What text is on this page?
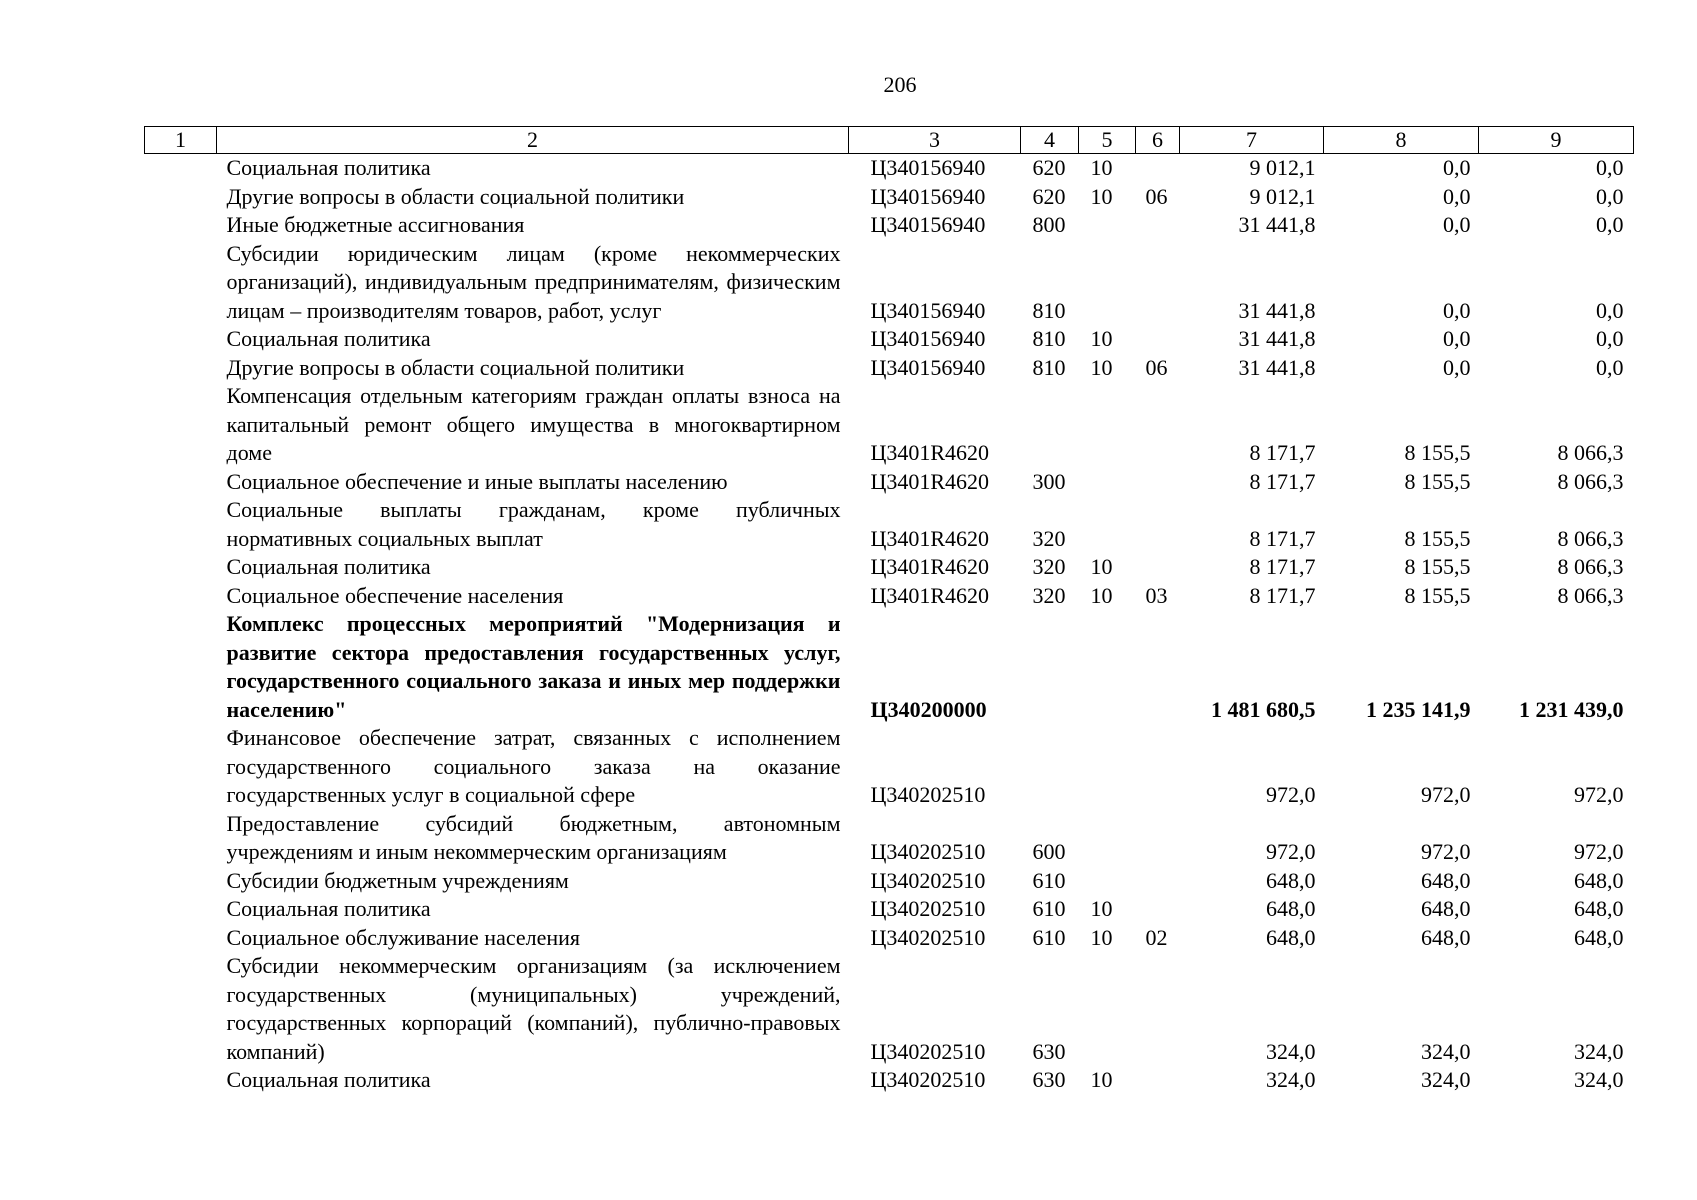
206
1	2	3	4	5	6	7	8	9
	Социальная политика	Ц340156940	620	10		9 012,1	0,0	0,0
	Другие вопросы в области социальной политики	Ц340156940	620	10	06	9 012,1	0,0	0,0
	Иные бюджетные ассигнования	Ц340156940	800			31 441,8	0,0	0,0
	Субсидии юридическим лицам (кроме некоммерческих организаций), индивидуальным предпринимателям, физическим лицам – производителям товаров, работ, услуг	Ц340156940	810			31 441,8	0,0	0,0
	Социальная политика	Ц340156940	810	10		31 441,8	0,0	0,0
	Другие вопросы в области социальной политики	Ц340156940	810	10	06	31 441,8	0,0	0,0
	Компенсация отдельным категориям граждан оплаты взноса на капитальный ремонт общего имущества в многоквартирном доме	Ц3401R4620				8 171,7	8 155,5	8 066,3
	Социальное обеспечение и иные выплаты населению	Ц3401R4620	300			8 171,7	8 155,5	8 066,3
	Социальные выплаты гражданам, кроме публичных нормативных социальных выплат	Ц3401R4620	320			8 171,7	8 155,5	8 066,3
	Социальная политика	Ц3401R4620	320	10		8 171,7	8 155,5	8 066,3
	Социальное обеспечение населения	Ц3401R4620	320	10	03	8 171,7	8 155,5	8 066,3
	Комплекс процессных мероприятий "Модернизация и развитие сектора предоставления государственных услуг, государственного социального заказа и иных мер поддержки населению"	Ц340200000				1 481 680,5	1 235 141,9	1 231 439,0
	Финансовое обеспечение затрат, связанных с исполнением государственного социального заказа на оказание государственных услуг в социальной сфере	Ц340202510				972,0	972,0	972,0
	Предоставление субсидий бюджетным, автономным учреждениям и иным некоммерческим организациям	Ц340202510	600			972,0	972,0	972,0
	Субсидии бюджетным учреждениям	Ц340202510	610			648,0	648,0	648,0
	Социальная политика	Ц340202510	610	10		648,0	648,0	648,0
	Социальное обслуживание населения	Ц340202510	610	10	02	648,0	648,0	648,0
	Субсидии некоммерческим организациям (за исключением государственных (муниципальных) учреждений, государственных корпораций (компаний), публично-правовых компаний)	Ц340202510	630			324,0	324,0	324,0
	Социальная политика	Ц340202510	630	10		324,0	324,0	324,0
